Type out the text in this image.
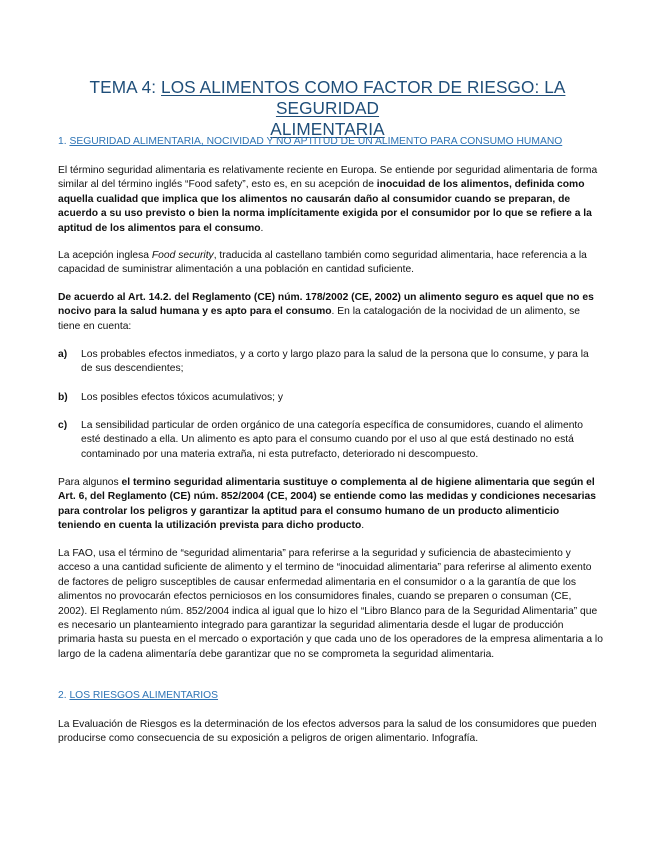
TEMA 4: LOS ALIMENTOS COMO FACTOR DE RIESGO: LA SEGURIDAD
ALIMENTARIA
1. SEGURIDAD ALIMENTARIA, NOCIVIDAD Y NO APTITUD DE UN ALIMENTO PARA CONSUMO HUMANO
El término seguridad alimentaria es relativamente reciente en Europa. Se entiende por seguridad alimentaria de forma similar al del término inglés “Food safety”, esto es, en su acepción de inocuidad de los alimentos, definida como aquella cualidad que implica que los alimentos no causarán daño al consumidor cuando se preparan, de acuerdo a su uso previsto o bien la norma implícitamente exigida por el consumidor por lo que se refiere a la aptitud de los alimentos para el consumo.
La acepción inglesa Food security, traducida al castellano también como seguridad alimentaria, hace referencia a la capacidad de suministrar alimentación a una población en cantidad suficiente.
De acuerdo al Art. 14.2. del Reglamento (CE) núm. 178/2002 (CE, 2002) un alimento seguro es aquel que no es nocivo para la salud humana y es apto para el consumo. En la catalogación de la nocividad de un alimento, se tiene en cuenta:
a) Los probables efectos inmediatos, y a corto y largo plazo para la salud de la persona que lo consume, y para la de sus descendientes;
b) Los posibles efectos tóxicos acumulativos; y
c) La sensibilidad particular de orden orgánico de una categoría específica de consumidores, cuando el alimento esté destinado a ella. Un alimento es apto para el consumo cuando por el uso al que está destinado no está contaminado por una materia extraña, ni esta putrefacto, deteriorado ni descompuesto.
Para algunos el termino seguridad alimentaria sustituye o complementa al de higiene alimentaria que según el Art. 6, del Reglamento (CE) núm. 852/2004 (CE, 2004) se entiende como las medidas y condiciones necesarias para controlar los peligros y garantizar la aptitud para el consumo humano de un producto alimenticio teniendo en cuenta la utilización prevista para dicho producto.
La FAO, usa el término de “seguridad alimentaria” para referirse a la seguridad y suficiencia de abastecimiento y acceso a una cantidad suficiente de alimento y el termino de “inocuidad alimentaria” para referirse al alimento exento de factores de peligro susceptibles de causar enfermedad alimentaria en el consumidor o a la garantía de que los alimentos no provocarán efectos perniciosos en los consumidores finales, cuando se preparen o consuman (CE, 2002). El Reglamento núm. 852/2004 indica al igual que lo hizo el “Libro Blanco para de la Seguridad Alimentaria” que es necesario un planteamiento integrado para garantizar la seguridad alimentaria desde el lugar de producción primaria hasta su puesta en el mercado o exportación y que cada uno de los operadores de la empresa alimentaria a lo largo de la cadena alimentaría debe garantizar que no se comprometa la seguridad alimentaria.
2. LOS RIESGOS ALIMENTARIOS
La Evaluación de Riesgos es la determinación de los efectos adversos para la salud de los consumidores que pueden producirse como consecuencia de su exposición a peligros de origen alimentario. Infografía.
